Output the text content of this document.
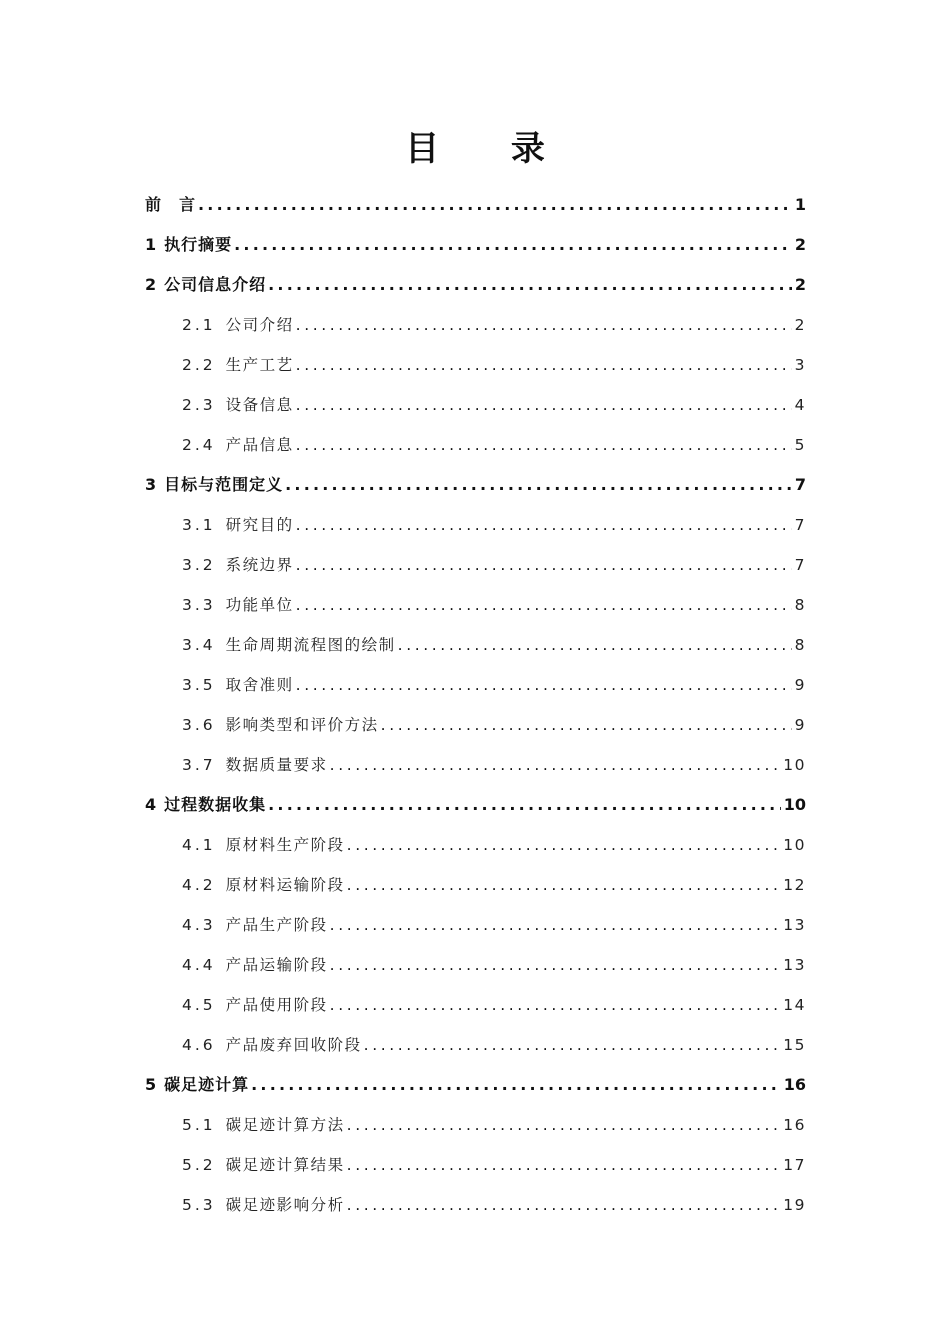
目 录
前　言 .....	1
1 执行摘要 .....	2
2 公司信息介绍 .....	2
2.1 公司介绍 .....	2
2.2 生产工艺 .....	3
2.3 设备信息 .....	4
2.4 产品信息 .....	5
3 目标与范围定义 .....	7
3.1 研究目的 .....	7
3.2 系统边界 .....	7
3.3 功能单位 .....	8
3.4 生命周期流程图的绘制 .....	8
3.5 取舍准则 .....	9
3.6 影响类型和评价方法 .....	9
3.7 数据质量要求 .....	10
4 过程数据收集 .....	10
4.1 原材料生产阶段 .....	10
4.2 原材料运输阶段 .....	12
4.3 产品生产阶段 .....	13
4.4 产品运输阶段 .....	13
4.5 产品使用阶段 .....	14
4.6 产品废弃回收阶段 .....	15
5 碳足迹计算 .....	16
5.1 碳足迹计算方法 .....	16
5.2 碳足迹计算结果 .....	17
5.3 碳足迹影响分析 .....	19
